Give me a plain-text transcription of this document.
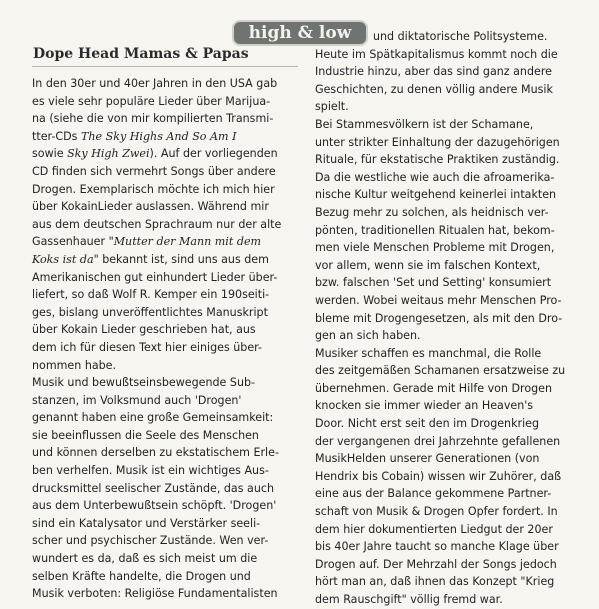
high & low
Dope Head Mamas & Papas

In den 30er und 40er Jahren in den USA gab

es viele sehr populäre Lieder über Marijua-

na (siehe die von mir kompilierten Transmi-

tter-CDs The Sky Highs And So Am I

sowie Sky High Zwei). Auf der vorliegenden

CD finden sich vermehrt Songs über andere

Drogen. Exemplarisch möchte ich mich hier

über KokainLieder auslassen. Während mir

aus dem deutschen Sprachraum nur der alte

Gassenhauer "Mutter der Mann mit dem

Koks ist da" bekannt ist, sind uns aus dem

Amerikanischen gut einhundert Lieder über-

liefert, so daß Wolf R. Kemper ein 190seiti-

ges, bislang unveröffentlichtes Manuskript

über Kokain Lieder geschrieben hat, aus

dem ich für diesen Text hier einiges über-

nommen habe.

Musik und bewußtseinsbewegende Sub-

stanzen, im Volksmund auch 'Drogen'

genannt haben eine große Gemeinsamkeit:

sie beeinflussen die Seele des Menschen

und können derselben zu ekstatischem Erle-

ben verhelfen. Musik ist ein wichtiges Aus-

drucksmittel seelischer Zustände, das auch

aus dem Unterbewußtsein schöpft. 'Drogen'

sind ein Katalysator und Verstärker seeli-

scher und psychischer Zustände. Wen ver-

wundert es da, daß es sich meist um die

selben Kräfte handelte, die Drogen und

Musik verboten: Religiöse Fundamentalisten

und diktatorische Politsysteme.

Heute im Spätkapitalismus kommt noch die

Industrie hinzu, aber das sind ganz andere

Geschichten, zu denen völlig andere Musik

spielt.

Bei Stammesvölkern ist der Schamane,

unter strikter Einhaltung der dazugehörigen

Rituale, für ekstatische Praktiken zuständig.

Da die westliche wie auch die afroamerika-

nische Kultur weitgehend keinerlei intakten

Bezug mehr zu solchen, als heidnisch ver-

pönten, traditionellen Ritualen hat, bekom-

men viele Menschen Probleme mit Drogen,

vor allem, wenn sie im falschen Kontext,

bzw. falschen 'Set und Setting' konsumiert

werden. Wobei weitaus mehr Menschen Pro-

bleme mit Drogengesetzen, als mit den Dro-

gen an sich haben.

Musiker schaffen es manchmal, die Rolle

des zeitgemäßen Schamanen ersatzweise zu

übernehmen. Gerade mit Hilfe von Drogen

knocken sie immer wieder an Heaven's

Door. Nicht erst seit den im Drogenkrieg

der vergangenen drei Jahrzehnte gefallenen

MusikHelden unserer Generationen (von

Hendrix bis Cobain) wissen wir Zuhörer, daß

eine aus der Balance gekommene Partner-

schaft von Musik & Drogen Opfer fordert. In

dem hier dokumentierten Liedgut der 20er

bis 40er Jahre taucht so manche Klage über

Drogen auf. Der Mehrzahl der Songs jedoch

hört man an, daß ihnen das Konzept "Krieg

dem Rauschgift" völlig fremd war.
